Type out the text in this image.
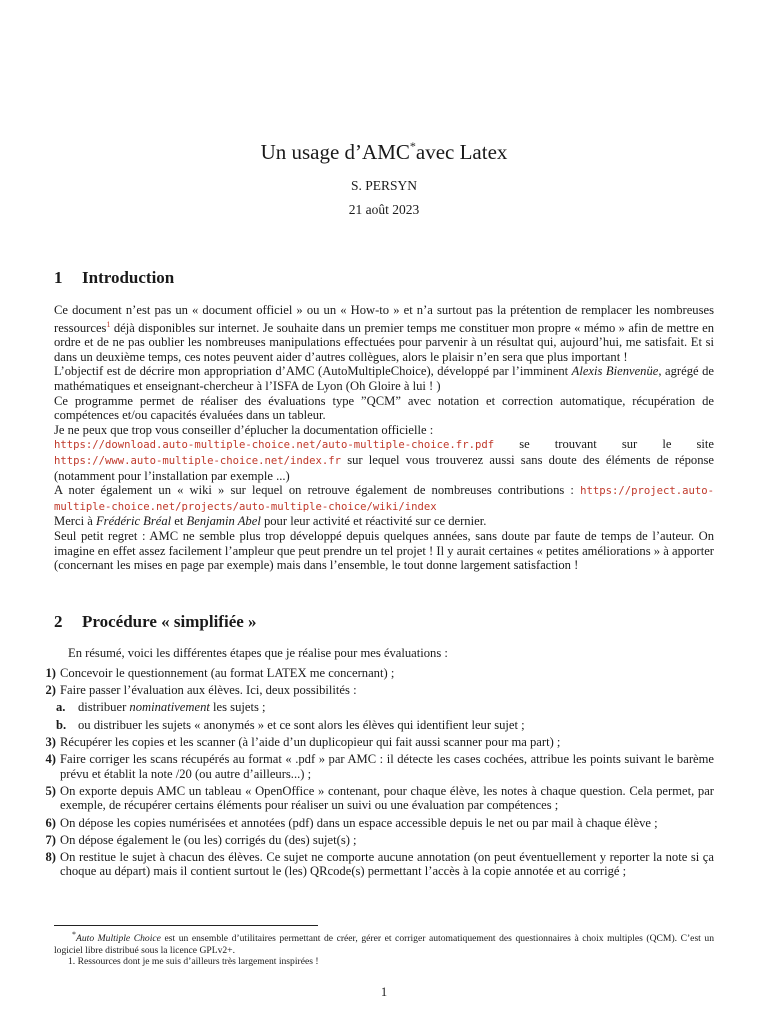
Un usage d’AMC*avec Latex
S. PERSYN
21 août 2023
1 Introduction

Ce document n’est pas un « document officiel » ou un « How-to » et n’a surtout pas la prétention de remplacer les nombreuses ressources$^1$ déjà disponibles sur internet. Je souhaite dans un premier temps me constituer mon propre « mémo » afin de mettre en ordre et de ne pas oublier les nombreuses manipulations effectuées pour parvenir à un résultat qui, aujourd’hui, me satisfait. Et si dans un deuxième temps, ces notes peuvent aider d’autres collègues, alors le plaisir n’en sera que plus important !

L’objectif est de décrire mon appropriation d’AMC (AutoMultipleChoice), développé par l’imminent Alexis Bienvenüe, agrégé de mathématiques et enseignant-chercheur à l’ISFA de Lyon (Oh Gloire à lui ! )

Ce programme permet de réaliser des évaluations type ”QCM” avec notation et correction automatique, récupération de compétences et/ou capacités évaluées dans un tableur.

Je ne peux que trop vous conseiller d’éplucher la documentation officielle :
https://download.auto-multiple-choice.net/auto-multiple-choice.fr.pdf se trouvant sur le site https://www.auto-multiple-choice.net/index.fr sur lequel vous trouverez aussi sans doute des éléments de réponse (notamment pour l’installation par exemple ...)

A noter également un « wiki » sur lequel on retrouve également de nombreuses contributions : https://project.auto-multiple-choice.net/projects/auto-multiple-choice/wiki/index

Merci à Frédéric Bréal et Benjamin Abel pour leur activité et réactivité sur ce dernier.

Seul petit regret : AMC ne semble plus trop développé depuis quelques années, sans doute par faute de temps de l’auteur. On imagine en effet assez facilement l’ampleur que peut prendre un tel projet ! Il y aurait certaines « petites améliorations » à apporter (concernant les mises en page par exemple) mais dans l’ensemble, le tout donne largement satisfaction !

2 Procédure « simplifiée »
En résumé, voici les différentes étapes que je réalise pour mes évaluations :
1) Concevoir le questionnement (au format LATEX me concernant) ;
2) Faire passer l’évaluation aux élèves. Ici, deux possibilités :
a. distribuer nominativement les sujets ;
b. ou distribuer les sujets « anonymés » et ce sont alors les élèves qui identifient leur sujet ;
3) Récupérer les copies et les scanner (à l’aide d’un duplicopieur qui fait aussi scanner pour ma part) ;
4) Faire corriger les scans récupérés au format « .pdf » par AMC : il détecte les cases cochées, attribue les points suivant le barème prévu et établit la note /20 (ou autre d’ailleurs...) ;
5) On exporte depuis AMC un tableau « OpenOffice » contenant, pour chaque élève, les notes à chaque question. Cela permet, par exemple, de récupérer certains éléments pour réaliser un suivi ou une évaluation par compétences ;
6) On dépose les copies numérisées et annotées (pdf) dans un espace accessible depuis le net ou par mail à chaque élève ;
7) On dépose également le (ou les) corrigés du (des) sujet(s) ;
8) On restitue le sujet à chacun des élèves. Ce sujet ne comporte aucune annotation (on peut éventuellement y reporter la note si ça choque au départ) mais il contient surtout le (les) QRcode(s) permettant l’accès à la copie annotée et au corrigé ;

*Auto Multiple Choice est un ensemble d’utilitaires permettant de créer, gérer et corriger automatiquement des questionnaires à choix multiples (QCM). C’est un logiciel libre distribué sous la licence GPLv2+.

1. Ressources dont je me suis d’ailleurs très largement inspirées !

1
